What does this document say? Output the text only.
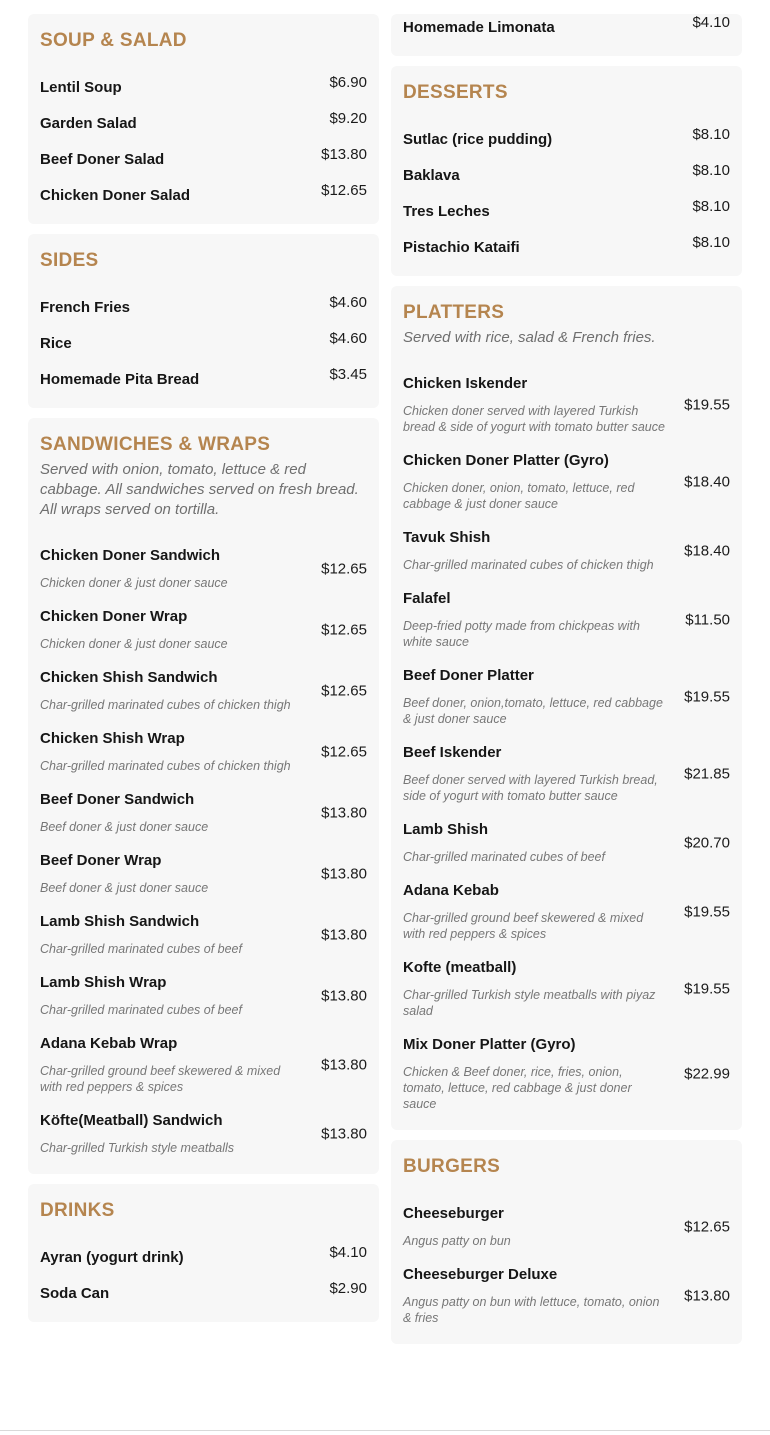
SOUP & SALAD
Lentil Soup	$6.90
Garden Salad	$9.20
Beef Doner Salad	$13.80
Chicken Doner Salad	$12.65
SIDES
French Fries	$4.60
Rice	$4.60
Homemade Pita Bread	$3.45
SANDWICHES & WRAPS

Served with onion, tomato, lettuce & red cabbage. All sandwiches served on fresh bread. All wraps served on tortilla.

Chicken Doner Sandwich
Chicken doner & just doner sauce
$12.65
Chicken Doner Wrap
Chicken doner & just doner sauce
$12.65
Chicken Shish Sandwich
Char-grilled marinated cubes of chicken thigh
$12.65
Chicken Shish Wrap
Char-grilled marinated cubes of chicken thigh
$12.65
Beef Doner Sandwich
Beef doner & just doner sauce
$13.80
Beef Doner Wrap
Beef doner & just doner sauce
$13.80
Lamb Shish Sandwich
Char-grilled marinated cubes of beef
$13.80
Lamb Shish Wrap
Char-grilled marinated cubes of beef
$13.80
Adana Kebab Wrap
Char-grilled ground beef skewered & mixed with red peppers & spices
$13.80
Köfte(Meatball) Sandwich
Char-grilled Turkish style meatballs
$13.80
DRINKS
Ayran (yogurt drink)	$4.10
Soda Can	$2.90
Homemade Limonata	$4.10
DESSERTS
Sutlac (rice pudding)	$8.10
Baklava	$8.10
Tres Leches	$8.10
Pistachio Kataifi	$8.10
PLATTERS

Served with rice, salad & French fries.

Chicken Iskender
Chicken doner served with layered Turkish bread & side of yogurt with tomato butter sauce
$19.55
Chicken Doner Platter (Gyro)
Chicken doner, onion, tomato, lettuce, red cabbage & just doner sauce
$18.40
Tavuk Shish
Char-grilled marinated cubes of chicken thigh
$18.40
Falafel
Deep-fried potty made from chickpeas with white sauce
$11.50
Beef Doner Platter
Beef doner, onion,tomato, lettuce, red cabbage & just doner sauce
$19.55
Beef Iskender
Beef doner served with layered Turkish bread, side of yogurt with tomato butter sauce
$21.85
Lamb Shish
Char-grilled marinated cubes of beef
$20.70
Adana Kebab
Char-grilled ground beef skewered & mixed with red peppers & spices
$19.55
Kofte (meatball)
Char-grilled Turkish style meatballs with piyaz salad
$19.55
Mix Doner Platter (Gyro)
Chicken & Beef doner, rice, fries, onion, tomato, lettuce, red cabbage & just doner sauce
$22.99
BURGERS
Cheeseburger
Angus patty on bun
$12.65
Cheeseburger Deluxe
Angus patty on bun with lettuce, tomato, onion & fries
$13.80
